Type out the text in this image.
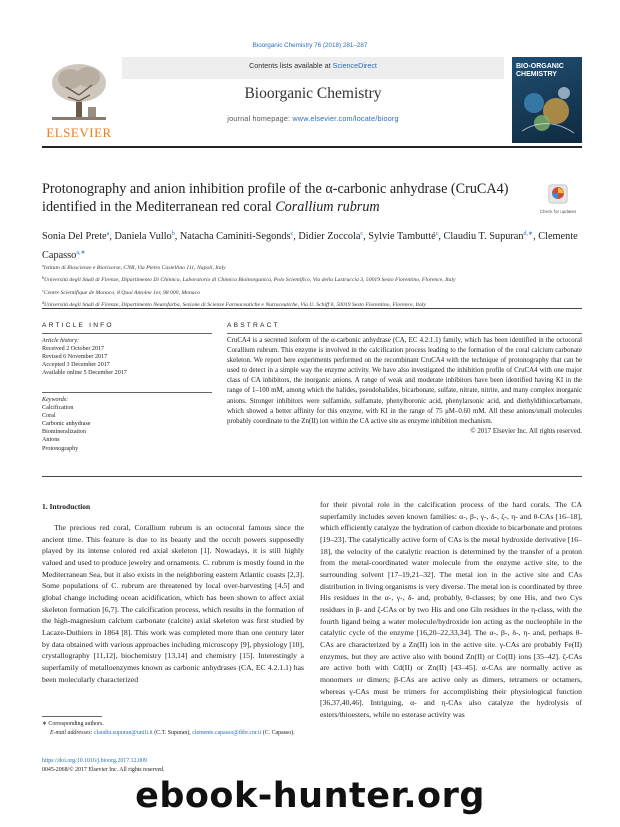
Bioorganic Chemistry 76 (2018) 281–287
ELSEVIER
Contents lists available at ScienceDirect
Bioorganic Chemistry
journal homepage: www.elsevier.com/locate/bioorg
BIO-ORGANIC CHEMISTRY
Protonography and anion inhibition profile of the α-carbonic anhydrase (CruCA4) identified in the Mediterranean red coral Corallium rubrum	Check for updates
Sonia Del Prete$^a$, Daniela Vullo$^b$, Natacha Caminiti-Segonds$^c$, Didier Zoccola$^c$, Sylvie Tambutté$^c$, Claudiu T. Supuran$^{d,∗}$, Clemente Capasso$^{a,∗}$
$^a$Istituto di Bioscienze e Biorisorse, CNR, Via Pietro Castellino 111, Napoli, Italy
$^b$Università degli Studi di Firenze, Dipartimento Di Chimica, Laboratorio di Chimica Bioinorganica, Polo Scientifico, Via della Lastruccia 3, 50019 Sesto Fiorentino, Florence, Italy
$^c$Centre Scientifique de Monaco, 8 Quai Antoine 1er, 98 000, Monaco
$^d$Università degli Studi di Firenze, Dipartimento Neurofarba, Sezione di Scienze Farmaceutiche e Nutraceutiche, Via U. Schiff 6, 50019 Sesto Fiorentino, Florence, Italy
ARTICLE INFO
Article history:
Received 2 October 2017
Revised 6 November 2017
Accepted 3 December 2017
Available online 5 December 2017
Keywords:
Calcification
Coral
Carbonic anhydrase
Biomineralization
Anions
Protonography
ABSTRACT

CruCA4 is a secreted isoform of the α-carbonic anhydrase (CA, EC 4.2.1.1) family, which has been identified in the octocoral Corallium rubrum. This enzyme is involved in the calcification process leading to the formation of the coral calcium carbonate skeleton. We report here experiments performed on the recombinant CruCA4 with the technique of protonography that can be used to detect in a simple way the enzyme activity. We have also investigated the inhibition profile of CruCA4 with one major class of CA inhibitors, the inorganic anions. A range of weak and moderate inhibitors have been identified having KI in the range of 1–100 mM, among which the halides, pseudohalides, bicarbonate, sulfate, nitrate, nitrite, and many complex inorganic anions. Stronger inhibitors were sulfamide, sulfamate, phenylboronic acid, phenylarsonic acid, and diethyldithiocarbamate, which showed a better affinity for this enzyme, with KI in the range of 75 μM–0.60 mM. All these anions/small molecules probably coordinate to the Zn(II) ion within the CA active site as enzyme inhibition mechanism.

© 2017 Elsevier Inc. All rights reserved.

1. Introduction

The precious red coral, Corallium rubrum is an octocoral famous since the ancient time. This feature is due to its beauty and the occult powers supposedly played by its intense colored red axial skeleton [1]. Nowadays, it is still highly valued and used to produce jewelry and ornaments. C. rubrum is mostly found in the Mediterranean Sea, but it also exists in the neighboring eastern Atlantic coasts [2,3]. Some populations of C. rubrum are threatened by local over-harvesting [4,5] and global change including ocean acidification, which has been shown to affect axial skeleton formation [6,7]. The calcification process, which results in the formation of the high-magnesium calcium carbonate (calcite) axial skeleton was first studied by Lacaze-Duthiers in 1864 [8]. This work was completed more than one century later by data obtained with various approaches including microscopy [9], physiology [10], crystallography [11,12], biochemistry [13,14] and chemistry [15]. Interestingly a superfamily of metalloenzymes known as carbonic anhydrases (CA, EC 4.2.1.1) has been molecularly characterized

for their pivotal role in the calcification process of the hard corals. The CA superfamily includes seven known families: α-, β-, γ-, δ-, ζ-, η- and θ-CAs [16–18], which efficiently catalyze the hydration of carbon dioxide to bicarbonate and protons [19–23]. The catalytically active form of CAs is the metal hydroxide derivative [16–18], the velocity of the catalytic reaction is determined by the transfer of a proton from the metal-coordinated water molecule from the enzyme active site, to the surrounding solvent [17–19,21–32]. The metal ion in the active site and CAs distribution in living organisms is very diverse. The metal ion is coordinated by three His residues in the α-, γ-, δ- and, probably, θ-classes; by one His, and two Cys residues in β- and ζ-CAs or by two His and one Gln residues in the η-class, with the fourth ligand being a water molecule/hydroxide ion acting as the nucleophile in the catalytic cycle of the enzyme [16,20–22,33,34]. The α-, β-, δ-, η- and, perhaps θ-CAs are characterized by a Zn(II) ion in the active site. γ-CAs are probably Fe(II) enzymes, but they are active also with bound Zn(II) or Co(II) ions [35–42]. ζ-CAs are active both with Cd(II) or Zn(II) [43–45]. α-CAs are normally active as monomers or dimers; β-CAs are active only as dimers, tetramers or octamers, whereas γ-CAs must be trimers for accomplishing their physiological function [36,37,40,46]. Intriguing, α- and η-CAs also catalyze the hydrolysis of esters/thioesters, while no esterase activity was

∗ Corresponding authors.
E-mail addresses: claudiu.supuran@unifi.it (C.T. Supuran), clemente.capasso@ibbr.cnr.it (C. Capasso).
https://doi.org/10.1016/j.bioorg.2017.12.009
0045-2068/© 2017 Elsevier Inc. All rights reserved.
ebook-hunter.org
